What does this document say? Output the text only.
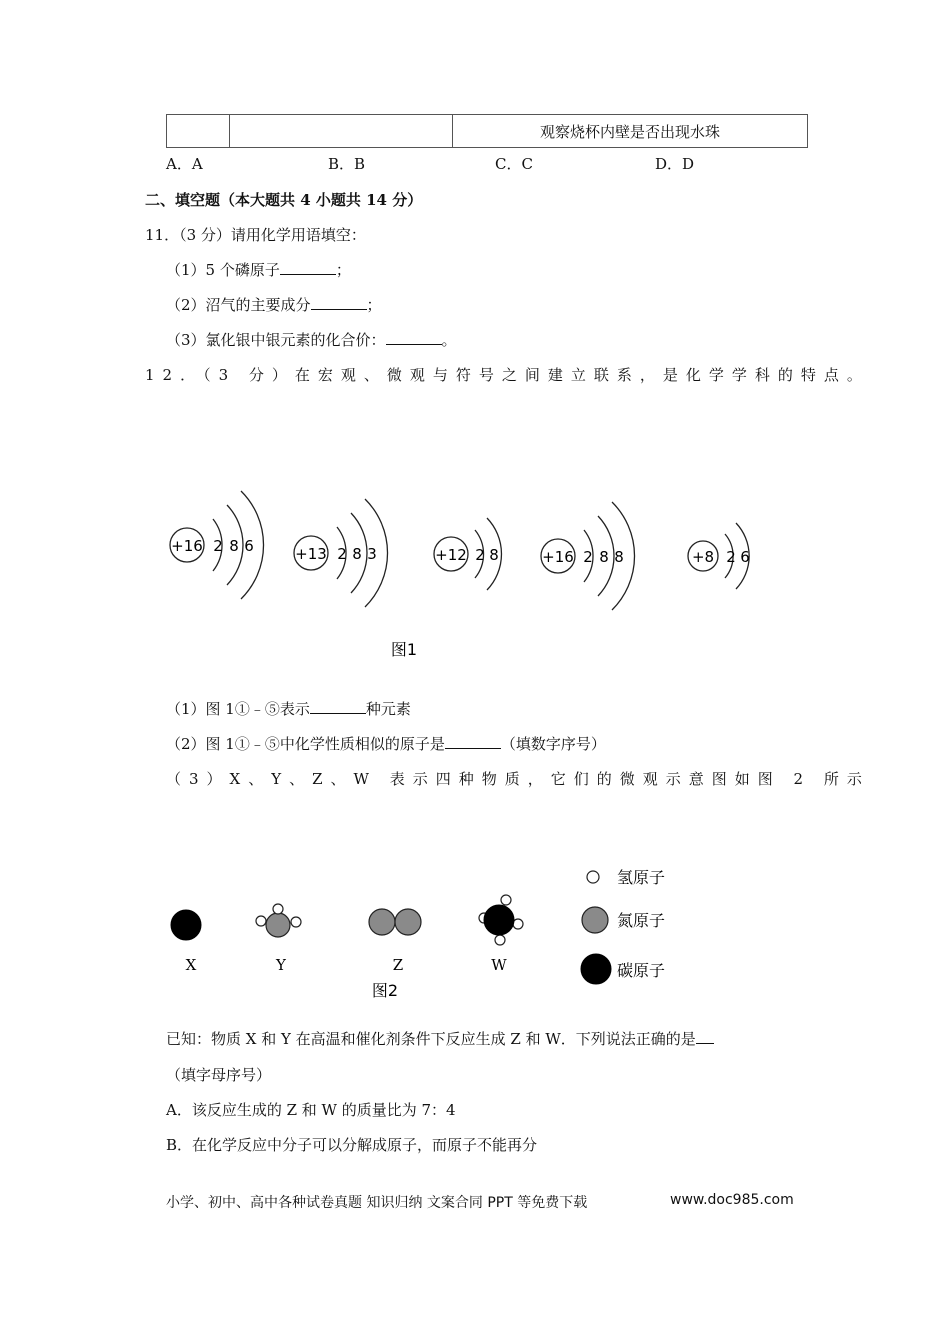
		观察烧杯内壁是否出现水珠
A．A	B．B	C．C	D．D
二、填空题（本大题共 4 小题共 14 分）
11．（3 分）请用化学用语填空：
（1）5 个磷原子	；
（2）沼气的主要成分	；
（3）氯化银中银元素的化合价：	。
12．（3 分）在宏观、微观与符号之间建立联系，是化学学科的特点。
+16 2 8 6	+13 2 8 3	+12 2 8	+16 2 8 8	+8 2 6
图1
（1）图 1①﹣⑤表示	种元素
（2）图 1①﹣⑤中化学性质相似的原子是	（填数字序号）
（3）X、Y、Z、W 表示四种物质，它们的微观示意图如图 2 所示
X	Y	Z	W
图2
氢原子
氮原子
碳原子
已知：物质 X 和 Y 在高温和催化剂条件下反应生成 Z 和 W．下列说法正确的是
（填字母序号）
A．该反应生成的 Z 和 W 的质量比为 7：4
B．在化学反应中分子可以分解成原子，而原子不能再分
小学、初中、高中各种试卷真题 知识归纳 文案合同 PPT 等免费下载	www.doc985.com
